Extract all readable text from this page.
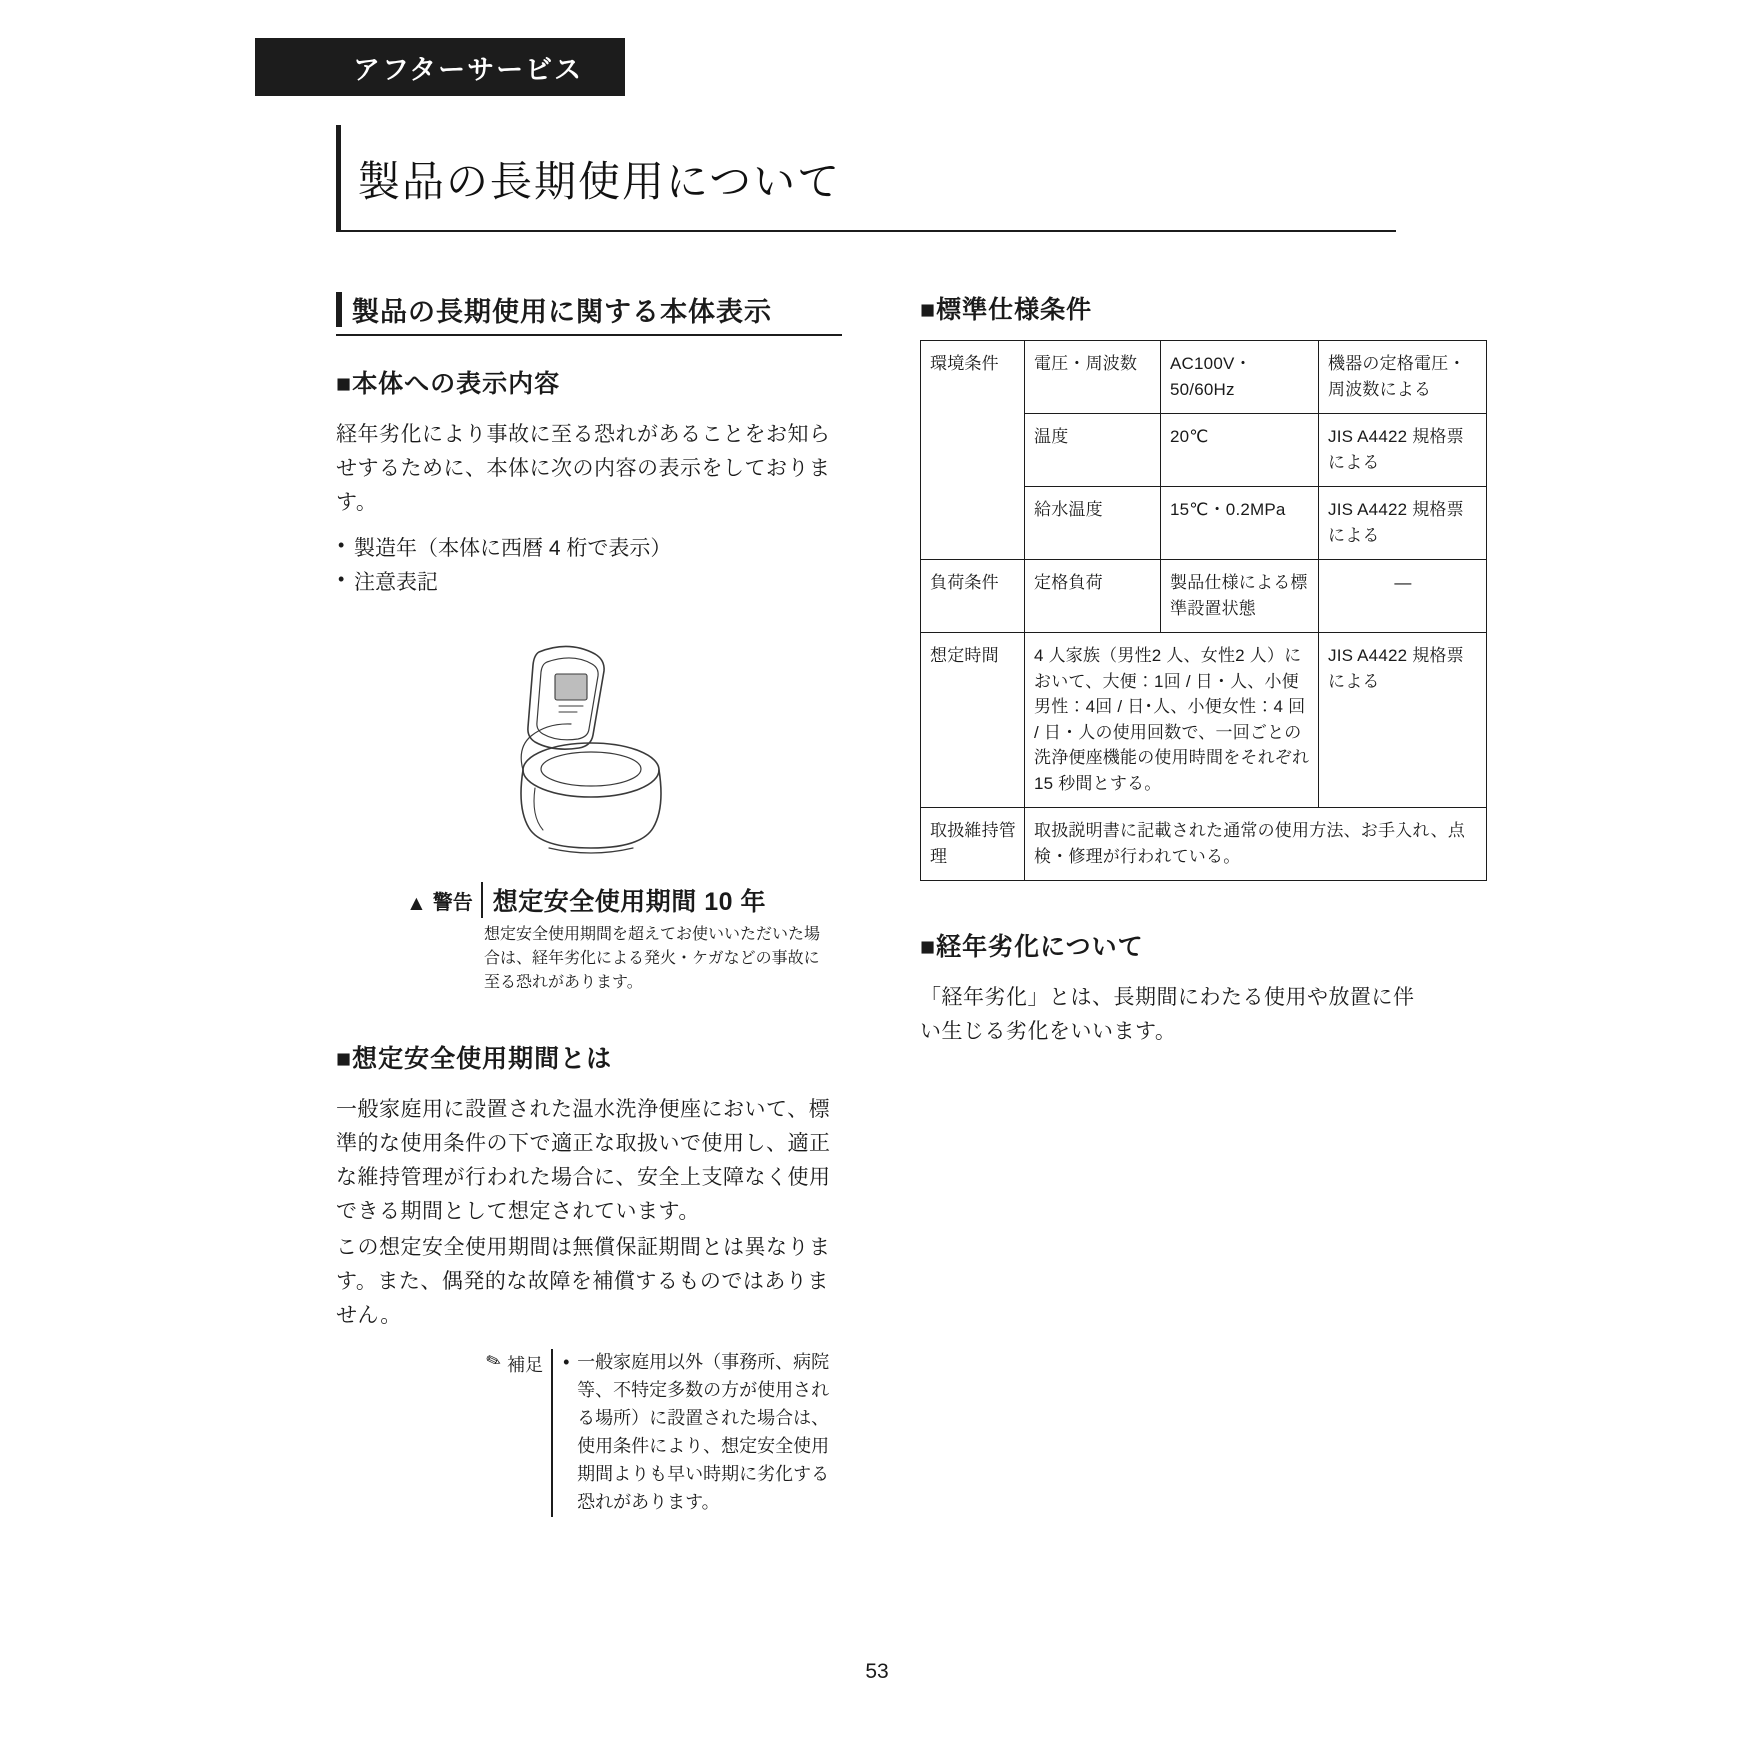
アフターサービス
製品の長期使用について
製品の長期使用に関する本体表示
■本体への表示内容

経年劣化により事故に至る恐れがあることをお知らせするために、本体に次の内容の表示をしております。

• 製造年（本体に西暦 4 桁で表示）
• 注意表記
▲ 警告 想定安全使用期間 10 年
想定安全使用期間を超えてお使いいただいた場合は、経年劣化による発火・ケガなどの事故に至る恐れがあります。
■想定安全使用期間とは

一般家庭用に設置された温水洗浄便座において、標準的な使用条件の下で適正な取扱いで使用し、適正な維持管理が行われた場合に、安全上支障なく使用できる期間として想定されています。

この想定安全使用期間は無償保証期間とは異なります。また、偶発的な故障を補償するものではありません。

✎ 補足 • 一般家庭用以外（事務所、病院等、不特定多数の方が使用される場所）に設置された場合は、使用条件により、想定安全使用期間よりも早い時期に劣化する恐れがあります。
■標準仕様条件
環境条件	電圧・周波数	AC100V・50/60Hz	機器の定格電圧・周波数による
	温度	20℃	JIS A4422 規格票による
	給水温度	15℃・0.2MPa	JIS A4422 規格票による
負荷条件	定格負荷	製品仕様による標準設置状態	—
想定時間	4 人家族（男性2 人、女性2 人）において、大便：1回 / 日・人、小便男性：4回 / 日･人、小便女性：4 回 / 日・人の使用回数で、一回ごとの洗浄便座機能の使用時間をそれぞれ 15 秒間とする。		JIS A4422 規格票による
取扱維持管理	取扱説明書に記載された通常の使用方法、お手入れ、点検・修理が行われている。		
■経年劣化について

「経年劣化」とは、長期間にわたる使用や放置に伴い生じる劣化をいいます。

53
